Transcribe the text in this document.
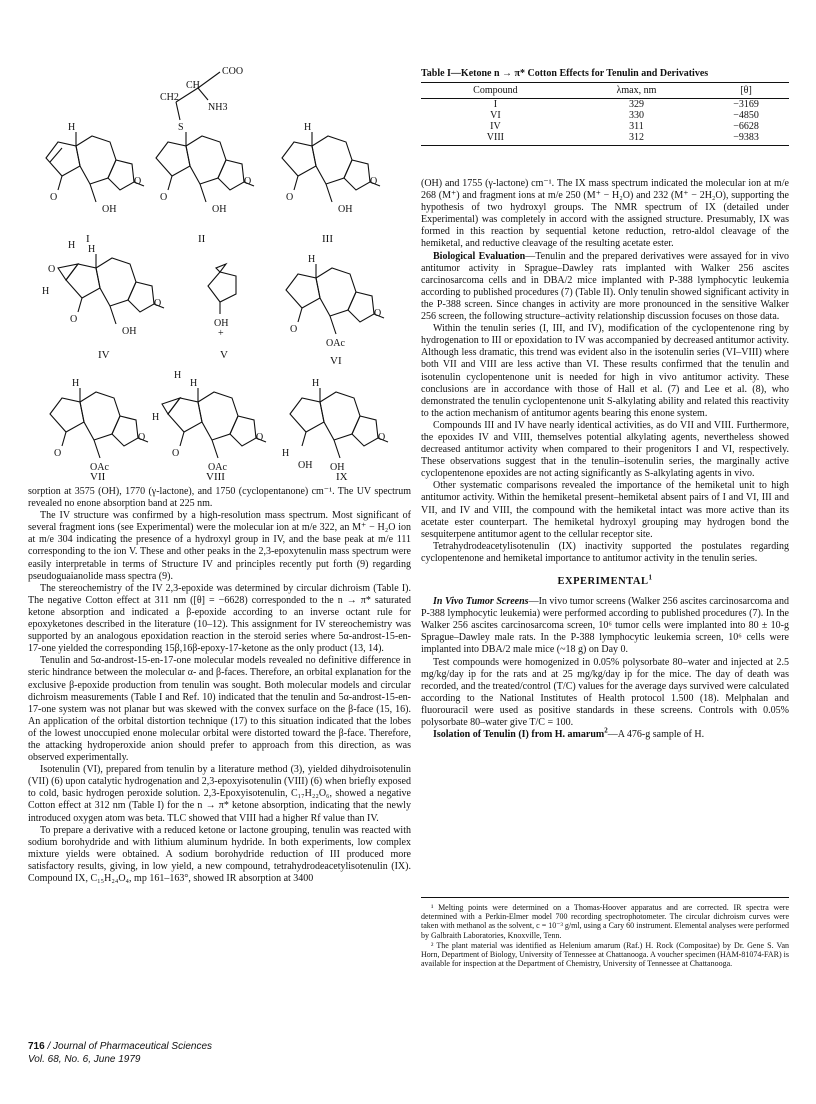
COO
CH
CH2
NH3
S
O
OH
O
H
I
O
OH
O
II
O
OH
O
H
III
O
H
H H
O
OH
O
IV
OH
+
V
H
O
OAc
O
VI
H
O
OAc
O
VII
H
H
H
O
OAc
O
VIII
H
H
OH OH
O
IX
Table I—Ketone n → π* Cotton Effects for Tenulin and Derivatives
Compound	λmax, nm	[θ]
I	329	−3169
VI	330	−4850
IV	311	−6628
VIII	312	−9383

sorption at 3575 (OH), 1770 (γ-lactone), and 1750 (cyclopentanone) cm⁻¹. The UV spectrum revealed no enone absorption band at 225 nm.

The IV structure was confirmed by a high-resolution mass spectrum. Most significant of several fragment ions (see Experimental) were the molecular ion at m/e 322, an M⁺ − H₂O ion at m/e 304 indicating the presence of a hydroxyl group in IV, and the base peak at m/e 111 corresponding to the ion V. These and other peaks in the 2,3-epoxytenulin mass spectrum were easily interpretable in terms of Structure IV and principles recently put forth (9) regarding pseudoguaianolide mass spectra (9).

The stereochemistry of the IV 2,3-epoxide was determined by circular dichroism (Table I). The negative Cotton effect at 311 nm ([θ] = −6628) corresponded to the n → π* saturated ketone absorption and indicated a β-epoxide according to an inverse octant rule for epoxyketones described in the literature (10–12). This assignment for IV stereochemistry was supported by an analogous epoxidation reaction in the steroid series where 5α-androst-15-en-17-one yielded the corresponding 15β,16β-epoxy-17-ketone as the only product (13, 14).

Tenulin and 5α-androst-15-en-17-one molecular models revealed no definitive difference in steric hindrance between the molecular α- and β-faces. Therefore, an orbital explanation for the exclusive β-epoxide production from tenulin was sought. Both molecular models and circular dichroism measurements (Table I and Ref. 10) indicated that the tenulin and 5α-androst-15-en-17-one system was not planar but was skewed with the convex surface on the β-face (15, 16). An application of the orbital distortion technique (17) to this situation indicated that the lobes of the lowest unoccupied enone molecular orbital were distorted toward the β-face. Therefore, the attacking hydroperoxide anion should prefer to approach from this direction, as was observed experimentally.

Isotenulin (VI), prepared from tenulin by a literature method (3), yielded dihydroisotenulin (VII) (6) upon catalytic hydrogenation and 2,3-epoxyisotenulin (VIII) (6) when briefly exposed to cold, basic hydrogen peroxide solution. 2,3-Epoxyisotenulin, C₁₇H₂₂O₆, showed a negative Cotton effect at 312 nm (Table I) for the n → π* ketone absorption, indicating that the newly introduced oxygen atom was beta. TLC showed that VIII had a higher Rf value than IV.

To prepare a derivative with a reduced ketone or lactone grouping, tenulin was reacted with sodium borohydride and with lithium aluminum hydride. In both experiments, low complex mixture yields were obtained. A sodium borohydride reduction of III produced more satisfactory results, giving, in low yield, a new compound, tetrahydrodeacetylisotenulin (IX). Compound IX, C₁₅H₂₄O₄, mp 161–163°, showed IR absorption at 3400

(OH) and 1755 (γ-lactone) cm⁻¹. The IX mass spectrum indicated the molecular ion at m/e 268 (M⁺) and fragment ions at m/e 250 (M⁺ − H₂O) and 232 (M⁺ − 2H₂O), supporting the hypothesis of two hydroxyl groups. The NMR spectrum of IX (detailed under Experimental) was completely in accord with the assigned structure. Presumably, IX was formed in this reaction by sequential ketone reduction, retro-aldol cleavage of the hemiketal, and reductive cleavage of the resulting acetate ester.

Biological Evaluation—Tenulin and the prepared derivatives were assayed for in vivo antitumor activity in Sprague–Dawley rats implanted with Walker 256 ascites carcinosarcoma cells and in DBA/2 mice implanted with P-388 lymphocytic leukemia according to published procedures (7) (Table II). Only tenulin showed significant activity in the P-388 screen. Since changes in activity are more pronounced in the sensitive Walker 256 screen, the following structure–activity relationship discussion focuses on those data.

Within the tenulin series (I, III, and IV), modification of the cyclopentenone ring by hydrogenation to III or epoxidation to IV was accompanied by decreased antitumor activity. Although less dramatic, this trend was evident also in the isotenulin series (VI–VIII) where both VII and VIII are less active than VI. These results confirmed that the tenulin and isotenulin cyclopentenone unit is needed for high in vivo antitumor activity. These conclusions are in accordance with those of Hall et al. (7) and Lee et al. (8), who demonstrated the tenulin cyclopentenone unit S-alkylating ability and related this reactivity to the action mechanism of antitumor agents bearing this enone system.

Compounds III and IV have nearly identical activities, as do VII and VIII. Furthermore, the epoxides IV and VIII, themselves potential alkylating agents, nevertheless showed decreased antitumor activity when compared to their progenitors I and VI, respectively. These observations suggest that in the tenulin–isotenulin series, the marginally active cyclopentenone epoxides are not acting significantly as S-alkylating agents in vivo.

Other systematic comparisons revealed the importance of the hemiketal unit to high antitumor activity. Within the hemiketal present–hemiketal absent pairs of I and VI, III and VII, and IV and VIII, the compound with the hemiketal intact was more active than its acetate ester counterpart. The hemiketal hydroxyl grouping may hydrogen bond the sesquiterpene antitumor agent to the cellular receptor site.

Tetrahydrodeacetylisotenulin (IX) inactivity supported the postulates regarding cyclopentenone and hemiketal importance to antitumor activity in the tenulin series.

EXPERIMENTAL$^1$

In Vivo Tumor Screens—In vivo tumor screens (Walker 256 ascites carcinosarcoma and P-388 lymphocytic leukemia) were performed according to published procedures (7). In the Walker 256 ascites carcinosarcoma screen, 10⁶ tumor cells were implanted into 80 ± 10-g Sprague–Dawley male rats. In the P-388 lymphocytic leukemia screen, 10⁶ cells were implanted into DBA/2 male mice (~18 g) on Day 0.

Test compounds were homogenized in 0.05% polysorbate 80–water and injected at 2.5 mg/kg/day ip for the rats and at 25 mg/kg/day ip for the mice. The day of death was recorded, and the treated/control (T/C) values for the average days survived were calculated according to the National Institutes of Health protocol 1.500 (18). Melphalan and fluorouracil were used as positive standards in these screens. Controls with 0.05% polysorbate 80–water give T/C = 100.

Isolation of Tenulin (I) from H. amarum$^2$—A 476-g sample of H.

¹ Melting points were determined on a Thomas-Hoover apparatus and are corrected. IR spectra were determined with a Perkin-Elmer model 700 recording spectrophotometer. The circular dichroism curves were taken with methanol as the solvent, c = 10⁻³ g/ml, using a Cary 60 instrument. Elemental analyses were performed by Galbraith Laboratories, Knoxville, Tenn.

² The plant material was identified as Helenium amarum (Raf.) H. Rock (Compositae) by Dr. Gene S. Van Horn, Department of Biology, University of Tennessee at Chattanooga. A voucher specimen (HAM-81074-FAR) is available for inspection at the Department of Chemistry, University of Tennessee at Chattanooga.

716 / Journal of Pharmaceutical Sciences
Vol. 68, No. 6, June 1979
